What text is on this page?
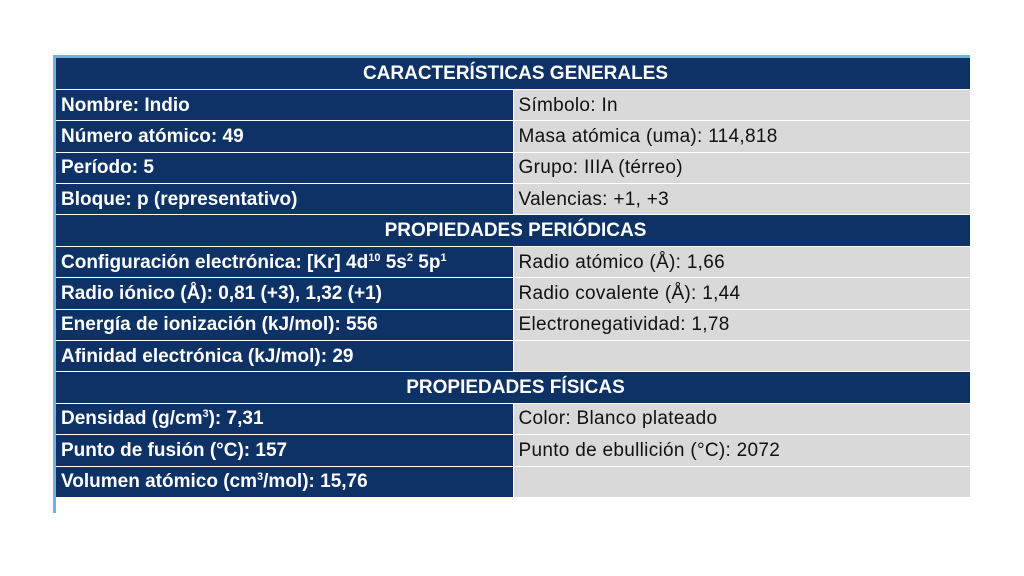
CARACTERÍSTICAS GENERALES	
Nombre: Indio	Símbolo: In
Número atómico: 49	Masa atómica (uma): 114,818
Período: 5	Grupo: IIIA (térreo)
Bloque: p (representativo)	Valencias: +1, +3
PROPIEDADES PERIÓDICAS	
Configuración electrónica: [Kr] $4d^{10}$ $5s^2$ $5p^1$	Radio atómico (Å): 1,66
Radio iónico (Å): 0,81 (+3), 1,32 (+1)	Radio covalente (Å): 1,44
Energía de ionización (kJ/mol): 556	Electronegatividad: 1,78
Afinidad electrónica (kJ/mol): 29	
PROPIEDADES FÍSICAS	
Densidad $(g/cm^3)$: 7,31	Color: Blanco plateado
Punto de fusión (°C): 157	Punto de ebullición (°C): 2072
Volumen atómico $(cm^3/mol)$: 15,76	
